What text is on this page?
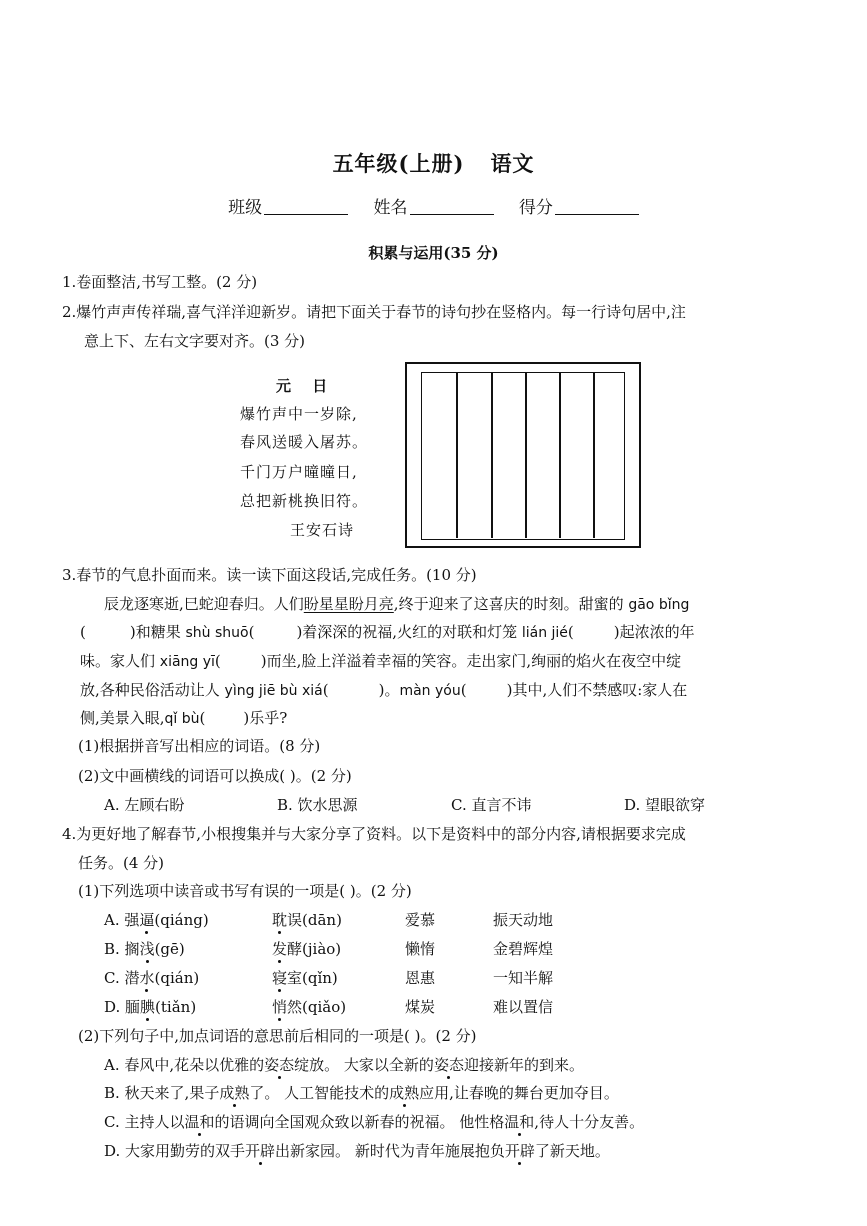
五年级(上册) 语文
班级	姓名	得分
积累与运用(35 分)
1.卷面整洁,书写工整。(2 分)
2.爆竹声声传祥瑞,喜气洋洋迎新岁。请把下面关于春节的诗句抄在竖格内。每一行诗句居中,注
意上下、左右文字要对齐。(3 分)
元 日
爆竹声中一岁除,
春风送暖入屠苏。
千门万户曈曈日,
总把新桃换旧符。
王安石诗
3.春节的气息扑面而来。读一读下面这段话,完成任务。(10 分)
辰龙逐寒逝,巳蛇迎春归。人们盼星星盼月亮,终于迎来了这喜庆的时刻。甜蜜的 gāo bǐng
(	)和糖果 shù shuō(	)着深深的祝福,火红的对联和灯笼 lián jié(	)起浓浓的年
味。家人们 xiāng yī(	)而坐,脸上洋溢着幸福的笑容。走出家门,绚丽的焰火在夜空中绽
放,各种民俗活动让人 yìng jiē bù xiá(	)。màn yóu(	)其中,人们不禁感叹:家人在
侧,美景入眼,qǐ bù(	)乐乎?
(1)根据拼音写出相应的词语。(8 分)
(2)文中画横线的词语可以换成( )。(2 分)
A. 左顾右盼	B. 饮水思源	C. 直言不讳	D. 望眼欲穿
4.为更好地了解春节,小根搜集并与大家分享了资料。以下是资料中的部分内容,请根据要求完成
任务。(4 分)
(1)下列选项中读音或书写有误的一项是( )。(2 分)
A. 强逼(qiáng)	耽误(dān)	爱慕	振天动地
B. 搁浅(gē)	发酵(jiào)	懒惰	金碧辉煌
C. 潜水(qián)	寝室(qǐn)	恩惠	一知半解
D. 腼腆(tiǎn)	悄然(qiǎo)	煤炭	难以置信
(2)下列句子中,加点词语的意思前后相同的一项是( )。(2 分)
A. 春风中,花朵以优雅的姿态绽放。 大家以全新的姿态迎接新年的到来。
B. 秋天来了,果子成熟了。 人工智能技术的成熟应用,让春晚的舞台更加夺目。
C. 主持人以温和的语调向全国观众致以新春的祝福。 他性格温和,待人十分友善。
D. 大家用勤劳的双手开辟出新家园。 新时代为青年施展抱负开辟了新天地。
